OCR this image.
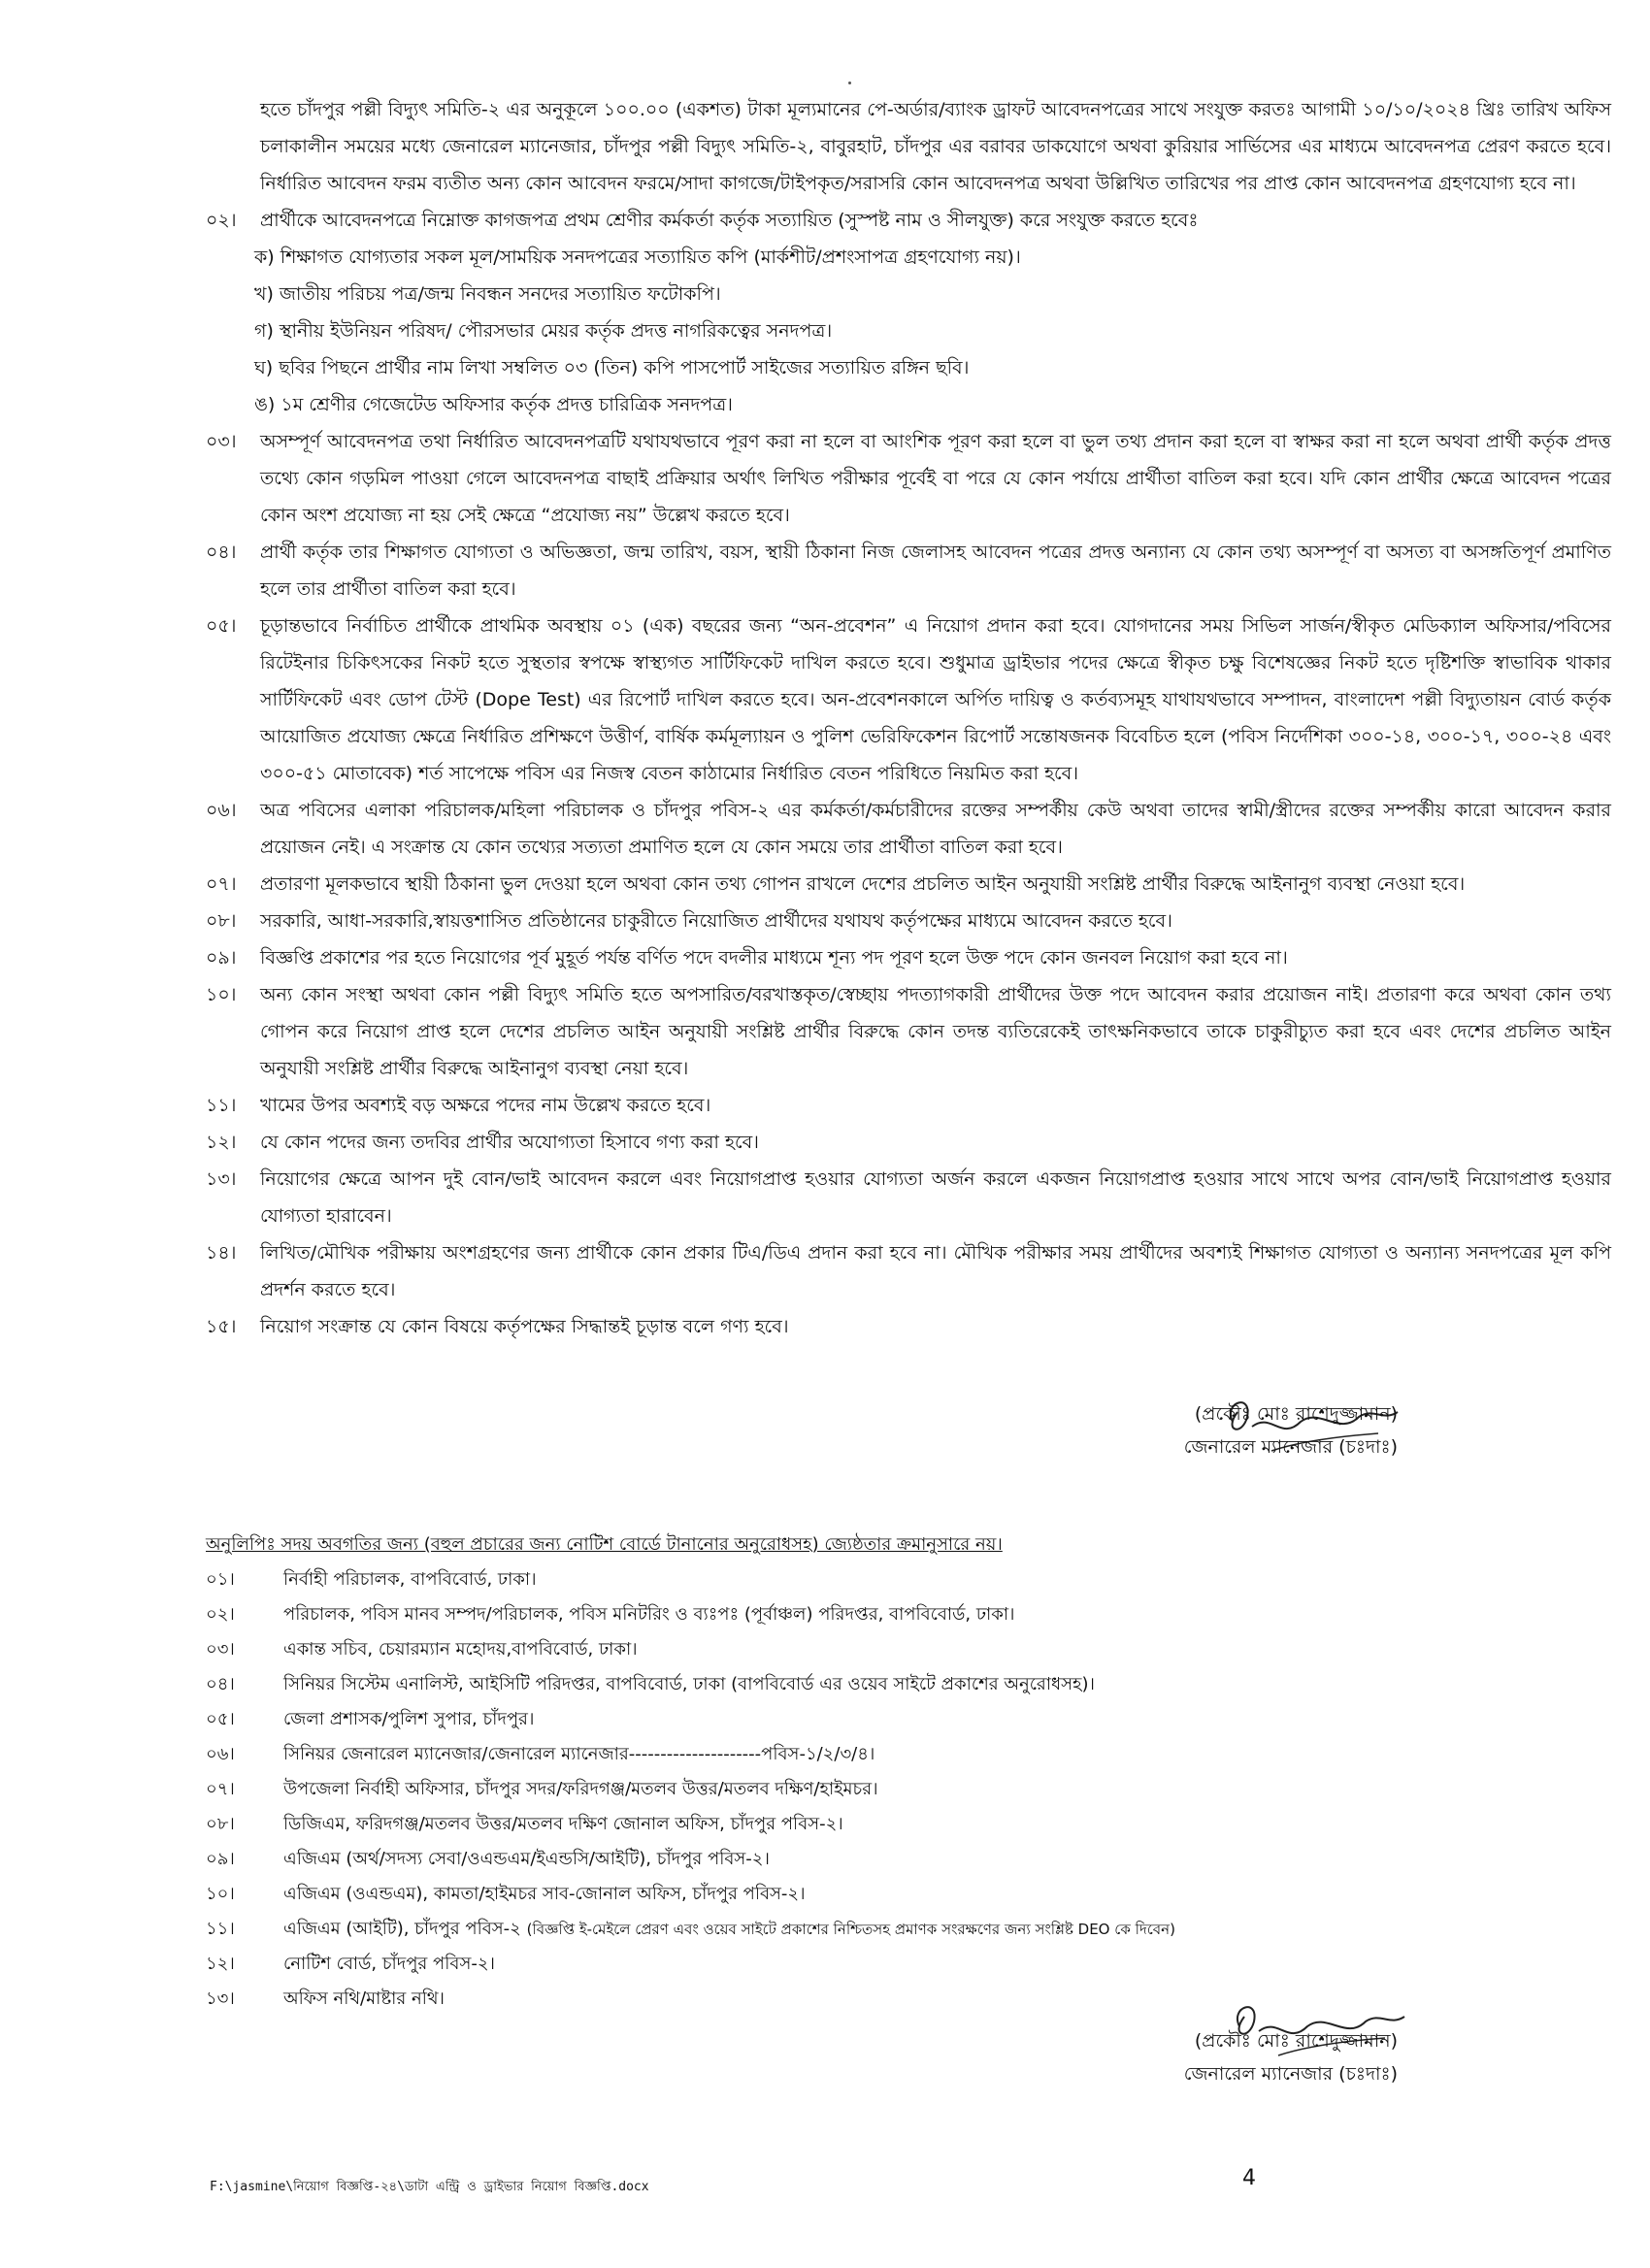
হতে চাঁদপুর পল্লী বিদ্যুৎ সমিতি-২ এর অনুকূলে ১০০.০০ (একশত) টাকা মূল্যমানের পে-অর্ডার/ব্যাংক ড্রাফট আবেদনপত্রের সাথে সংযুক্ত করতঃ আগামী ১০/১০/২০২৪ খ্রিঃ তারিখ অফিস চলাকালীন সময়ের মধ্যে জেনারেল ম্যানেজার, চাঁদপুর পল্লী বিদ্যুৎ সমিতি-২, বাবুরহাট, চাঁদপুর এর বরাবর ডাকযোগে অথবা কুরিয়ার সার্ভিসের এর মাধ্যমে আবেদনপত্র প্রেরণ করতে হবে। নির্ধারিত আবেদন ফরম ব্যতীত অন্য কোন আবেদন ফরমে/সাদা কাগজে/টাইপকৃত/সরাসরি কোন আবেদনপত্র অথবা উল্লিখিত তারিখের পর প্রাপ্ত কোন আবেদনপত্র গ্রহণযোগ্য হবে না।
০২।	প্রার্থীকে আবেদনপত্রে নিম্নোক্ত কাগজপত্র প্রথম শ্রেণীর কর্মকর্তা কর্তৃক সত্যায়িত (সুস্পষ্ট নাম ও সীলযুক্ত) করে সংযুক্ত করতে হবেঃ
ক) শিক্ষাগত যোগ্যতার সকল মূল/সাময়িক সনদপত্রের সত্যায়িত কপি (মার্কশীট/প্রশংসাপত্র গ্রহণযোগ্য নয়)।
খ) জাতীয় পরিচয় পত্র/জন্ম নিবন্ধন সনদের সত্যায়িত ফটোকপি।
গ) স্থানীয় ইউনিয়ন পরিষদ/ পৌরসভার মেয়র কর্তৃক প্রদত্ত নাগরিকত্বের সনদপত্র।
ঘ) ছবির পিছনে প্রার্থীর নাম লিখা সম্বলিত ০৩ (তিন) কপি পাসপোর্ট সাইজের সত্যায়িত রঙ্গিন ছবি।
ঙ) ১ম শ্রেণীর গেজেটেড অফিসার কর্তৃক প্রদত্ত চারিত্রিক সনদপত্র।
০৩।	অসম্পূর্ণ আবেদনপত্র তথা নির্ধারিত আবেদনপত্রটি যথাযথভাবে পূরণ করা না হলে বা আংশিক পূরণ করা হলে বা ভুল তথ্য প্রদান করা হলে বা স্বাক্ষর করা না হলে অথবা প্রার্থী কর্তৃক প্রদত্ত তথ্যে কোন গড়মিল পাওয়া গেলে আবেদনপত্র বাছাই প্রক্রিয়ার অর্থাৎ লিখিত পরীক্ষার পূর্বেই বা পরে যে কোন পর্যায়ে প্রার্থীতা বাতিল করা হবে। যদি কোন প্রার্থীর ক্ষেত্রে আবেদন পত্রের কোন অংশ প্রযোজ্য না হয় সেই ক্ষেত্রে “প্রযোজ্য নয়” উল্লেখ করতে হবে।
০৪।	প্রার্থী কর্তৃক তার শিক্ষাগত যোগ্যতা ও অভিজ্ঞতা, জন্ম তারিখ, বয়স, স্থায়ী ঠিকানা নিজ জেলাসহ আবেদন পত্রের প্রদত্ত অন্যান্য যে কোন তথ্য অসম্পূর্ণ বা অসত্য বা অসঙ্গতিপূর্ণ প্রমাণিত হলে তার প্রার্থীতা বাতিল করা হবে।
০৫।	চূড়ান্তভাবে নির্বাচিত প্রার্থীকে প্রাথমিক অবস্থায় ০১ (এক) বছরের জন্য “অন-প্রবেশন” এ নিয়োগ প্রদান করা হবে। যোগদানের সময় সিভিল সার্জন/স্বীকৃত মেডিক্যাল অফিসার/পবিসের রিটেইনার চিকিৎসকের নিকট হতে সুস্থতার স্বপক্ষে স্বাস্থ্যগত সার্টিফিকেট দাখিল করতে হবে। শুধুমাত্র ড্রাইভার পদের ক্ষেত্রে স্বীকৃত চক্ষু বিশেষজ্ঞের নিকট হতে দৃষ্টিশক্তি স্বাভাবিক থাকার সার্টিফিকেট এবং ডোপ টেস্ট (Dope Test) এর রিপোর্ট দাখিল করতে হবে। অন-প্রবেশনকালে অর্পিত দায়িত্ব ও কর্তব্যসমূহ যাথাযথভাবে সম্পাদন, বাংলাদেশ পল্লী বিদ্যুতায়ন বোর্ড কর্তৃক আয়োজিত প্রযোজ্য ক্ষেত্রে নির্ধারিত প্রশিক্ষণে উত্তীর্ণ, বার্ষিক কর্মমূল্যায়ন ও পুলিশ ভেরিফিকেশন রিপোর্ট সন্তোষজনক বিবেচিত হলে (পবিস নির্দেশিকা ৩০০-১৪, ৩০০-১৭, ৩০০-২৪ এবং ৩০০-৫১ মোতাবেক) শর্ত সাপেক্ষে পবিস এর নিজস্ব বেতন কাঠামোর নির্ধারিত বেতন পরিধিতে নিয়মিত করা হবে।
০৬।	অত্র পবিসের এলাকা পরিচালক/মহিলা পরিচালক ও চাঁদপুর পবিস-২ এর কর্মকর্তা/কর্মচারীদের রক্তের সম্পর্কীয় কেউ অথবা তাদের স্বামী/স্ত্রীদের রক্তের সম্পর্কীয় কারো আবেদন করার প্রয়োজন নেই। এ সংক্রান্ত যে কোন তথ্যের সত্যতা প্রমাণিত হলে যে কোন সময়ে তার প্রার্থীতা বাতিল করা হবে।
০৭।	প্রতারণা মূলকভাবে স্থায়ী ঠিকানা ভুল দেওয়া হলে অথবা কোন তথ্য গোপন রাখলে দেশের প্রচলিত আইন অনুযায়ী সংশ্লিষ্ট প্রার্থীর বিরুদ্ধে আইনানুগ ব্যবস্থা নেওয়া হবে।
০৮।	সরকারি, আধা-সরকারি,স্বায়ত্তশাসিত প্রতিষ্ঠানের চাকুরীতে নিয়োজিত প্রার্থীদের যথাযথ কর্তৃপক্ষের মাধ্যমে আবেদন করতে হবে।
০৯।	বিজ্ঞপ্তি প্রকাশের পর হতে নিয়োগের পূর্ব মুহূর্ত পর্যন্ত বর্ণিত পদে বদলীর মাধ্যমে শূন্য পদ পূরণ হলে উক্ত পদে কোন জনবল নিয়োগ করা হবে না।
১০।	অন্য কোন সংস্থা অথবা কোন পল্লী বিদ্যুৎ সমিতি হতে অপসারিত/বরখাস্তকৃত/স্বেচ্ছায় পদত্যাগকারী প্রার্থীদের উক্ত পদে আবেদন করার প্রয়োজন নাই। প্রতারণা করে অথবা কোন তথ্য গোপন করে নিয়োগ প্রাপ্ত হলে দেশের প্রচলিত আইন অনুযায়ী সংশ্লিষ্ট প্রার্থীর বিরুদ্ধে কোন তদন্ত ব্যতিরেকেই তাৎক্ষনিকভাবে তাকে চাকুরীচ্যুত করা হবে এবং দেশের প্রচলিত আইন অনুযায়ী সংশ্লিষ্ট প্রার্থীর বিরুদ্ধে আইনানুগ ব্যবস্থা নেয়া হবে।
১১।	খামের উপর অবশ্যই বড় অক্ষরে পদের নাম উল্লেখ করতে হবে।
১২।	যে কোন পদের জন্য তদবির প্রার্থীর অযোগ্যতা হিসাবে গণ্য করা হবে।
১৩।	নিয়োগের ক্ষেত্রে আপন দুই বোন/ভাই আবেদন করলে এবং নিয়োগপ্রাপ্ত হওয়ার যোগ্যতা অর্জন করলে একজন নিয়োগপ্রাপ্ত হওয়ার সাথে সাথে অপর বোন/ভাই নিয়োগপ্রাপ্ত হওয়ার যোগ্যতা হারাবেন।
১৪।	লিখিত/মৌখিক পরীক্ষায় অংশগ্রহণের জন্য প্রার্থীকে কোন প্রকার টিএ/ডিএ প্রদান করা হবে না। মৌখিক পরীক্ষার সময় প্রার্থীদের অবশ্যই শিক্ষাগত যোগ্যতা ও অন্যান্য সনদপত্রের মূল কপি প্রদর্শন করতে হবে।
১৫।	নিয়োগ সংক্রান্ত যে কোন বিষয়ে কর্তৃপক্ষের সিদ্ধান্তই চূড়ান্ত বলে গণ্য হবে।
(প্রকৌঃ মোঃ রাশেদুজ্জামান)
জেনারেল ম্যানেজার (চঃদাঃ)
অনুলিপিঃ সদয় অবগতির জন্য (বহুল প্রচারের জন্য নোটিশ বোর্ডে টানানোর অনুরোধসহ) জ্যেষ্ঠতার ক্রমানুসারে নয়।
০১।	নির্বাহী পরিচালক, বাপবিবোর্ড, ঢাকা।
০২।	পরিচালক, পবিস মানব সম্পদ/পরিচালক, পবিস মনিটরিং ও ব্যঃপঃ (পূর্বাঞ্চল) পরিদপ্তর, বাপবিবোর্ড, ঢাকা।
০৩।	একান্ত সচিব, চেয়ারম্যান মহোদয়,বাপবিবোর্ড, ঢাকা।
০৪।	সিনিয়র সিস্টেম এনালিস্ট, আইসিটি পরিদপ্তর, বাপবিবোর্ড, ঢাকা (বাপবিবোর্ড এর ওয়েব সাইটে প্রকাশের অনুরোধসহ)।
০৫।	জেলা প্রশাসক/পুলিশ সুপার, চাঁদপুর।
০৬।	সিনিয়র জেনারেল ম্যানেজার/জেনারেল ম্যানেজার---------------------পবিস-১/২/৩/৪।
০৭।	উপজেলা নির্বাহী অফিসার, চাঁদপুর সদর/ফরিদগঞ্জ/মতলব উত্তর/মতলব দক্ষিণ/হাইমচর।
০৮।	ডিজিএম, ফরিদগঞ্জ/মতলব উত্তর/মতলব দক্ষিণ জোনাল অফিস, চাঁদপুর পবিস-২।
০৯।	এজিএম (অর্থ/সদস্য সেবা/ওএন্ডএম/ইএন্ডসি/আইটি), চাঁদপুর পবিস-২।
১০।	এজিএম (ওএন্ডএম), কামতা/হাইমচর সাব-জোনাল অফিস, চাঁদপুর পবিস-২।
১১।	এজিএম (আইটি), চাঁদপুর পবিস-২ (বিজ্ঞপ্তি ই-মেইলে প্রেরণ এবং ওয়েব সাইটে প্রকাশের নিশ্চিতসহ প্রমাণক সংরক্ষণের জন্য সংশ্লিষ্ট DEO কে দিবেন)
১২।	নোটিশ বোর্ড, চাঁদপুর পবিস-২।
১৩।	অফিস নথি/মাষ্টার নথি।
(প্রকৌঃ মোঃ রাশেদুজ্জামান)
জেনারেল ম্যানেজার (চঃদাঃ)
F:\jasmine\নিয়োগ বিজ্ঞপ্তি-২৪\ডাটা এন্ট্রি ও ড্রাইভার নিয়োগ বিজ্ঞপ্তি.docx	4
